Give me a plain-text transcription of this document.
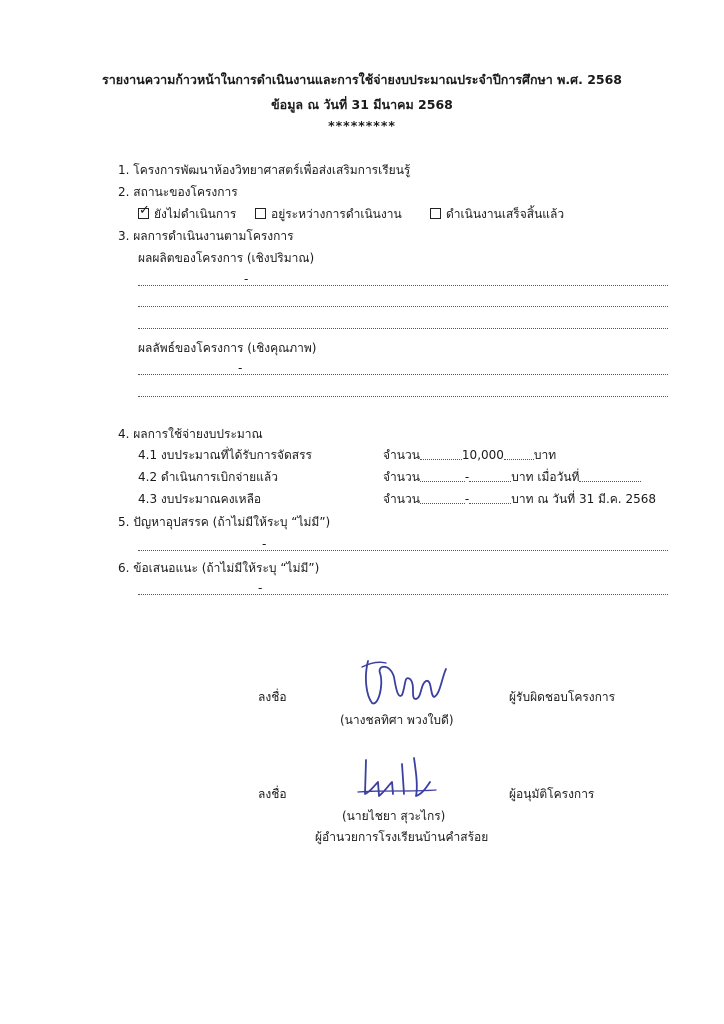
รายงานความก้าวหน้าในการดำเนินงานและการใช้จ่ายงบประมาณประจำปีการศึกษา พ.ศ. 2568
ข้อมูล ณ วันที่ 31 มีนาคม 2568
*********
1. โครงการพัฒนาห้องวิทยาศาสตร์เพื่อส่งเสริมการเรียนรู้
2. สถานะของโครงการ
✓ ยังไม่ดำเนินการ	อยู่ระหว่างการดำเนินงาน	ดำเนินงานเสร็จสิ้นแล้ว
3. ผลการดำเนินงานตามโครงการ
ผลผลิตของโครงการ (เชิงปริมาณ)
-
ผลลัพธ์ของโครงการ (เชิงคุณภาพ)
-
4. ผลการใช้จ่ายงบประมาณ
4.1 งบประมาณที่ได้รับการจัดสรร	จำนวน	10,000	บาท
4.2 ดำเนินการเบิกจ่ายแล้ว	จำนวน	-	บาท เมื่อวันที่
4.3 งบประมาณคงเหลือ	จำนวน	-	บาท ณ วันที่ 31 มี.ค. 2568
5. ปัญหาอุปสรรค (ถ้าไม่มีให้ระบุ “ไม่มี”)
-
6. ข้อเสนอแนะ (ถ้าไม่มีให้ระบุ “ไม่มี”)
-
ลงชื่อ	ผู้รับผิดชอบโครงการ
(นางชลทิศา พวงใบดี)
ลงชื่อ	ผู้อนุมัติโครงการ
(นายไชยา สุวะไกร)
ผู้อำนวยการโรงเรียนบ้านคำสร้อย
